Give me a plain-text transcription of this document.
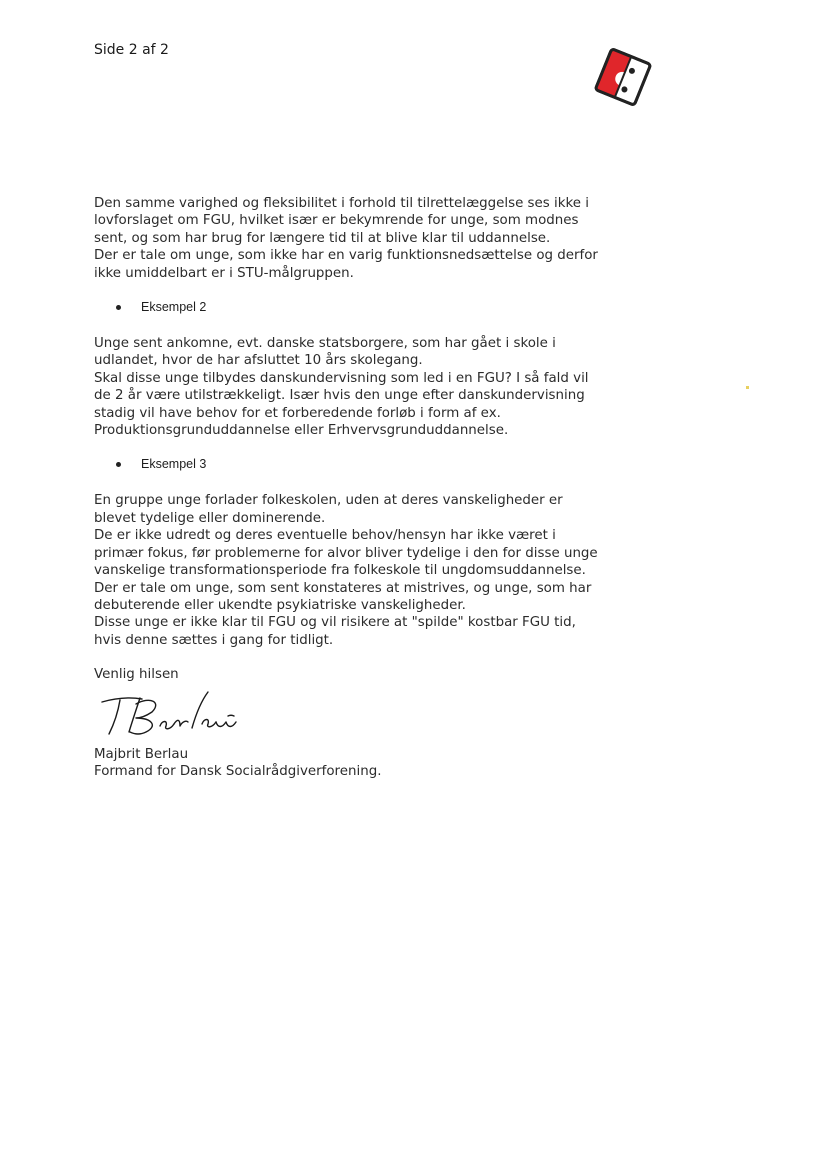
Side 2 af 2

Den samme varighed og fleksibilitet i forhold til tilrettelæggelse ses ikke i
lovforslaget om FGU, hvilket især er bekymrende for unge, som modnes
sent, og som har brug for længere tid til at blive klar til uddannelse.
Der er tale om unge, som ikke har en varig funktionsnedsættelse og derfor
ikke umiddelbart er i STU-målgruppen.

Eksempel 2

Unge sent ankomne, evt. danske statsborgere, som har gået i skole i
udlandet, hvor de har afsluttet 10 års skolegang.
Skal disse unge tilbydes danskundervisning som led i en FGU? I så fald vil
de 2 år være utilstrækkeligt. Især hvis den unge efter danskundervisning
stadig vil have behov for et forberedende forløb i form af ex.
Produktionsgrunduddannelse eller Erhvervsgrunduddannelse.

Eksempel 3

En gruppe unge forlader folkeskolen, uden at deres vanskeligheder er
blevet tydelige eller dominerende.
De er ikke udredt og deres eventuelle behov/hensyn har ikke været i
primær fokus, før problemerne for alvor bliver tydelige i den for disse unge
vanskelige transformationsperiode fra folkeskole til ungdomsuddannelse.
Der er tale om unge, som sent konstateres at mistrives, og unge, som har
debuterende eller ukendte psykiatriske vanskeligheder.
Disse unge er ikke klar til FGU og vil risikere at "spilde" kostbar FGU tid,
hvis denne sættes i gang for tidligt.

Venlig hilsen
Majbrit Berlau
Formand for Dansk Socialrådgiverforening.
